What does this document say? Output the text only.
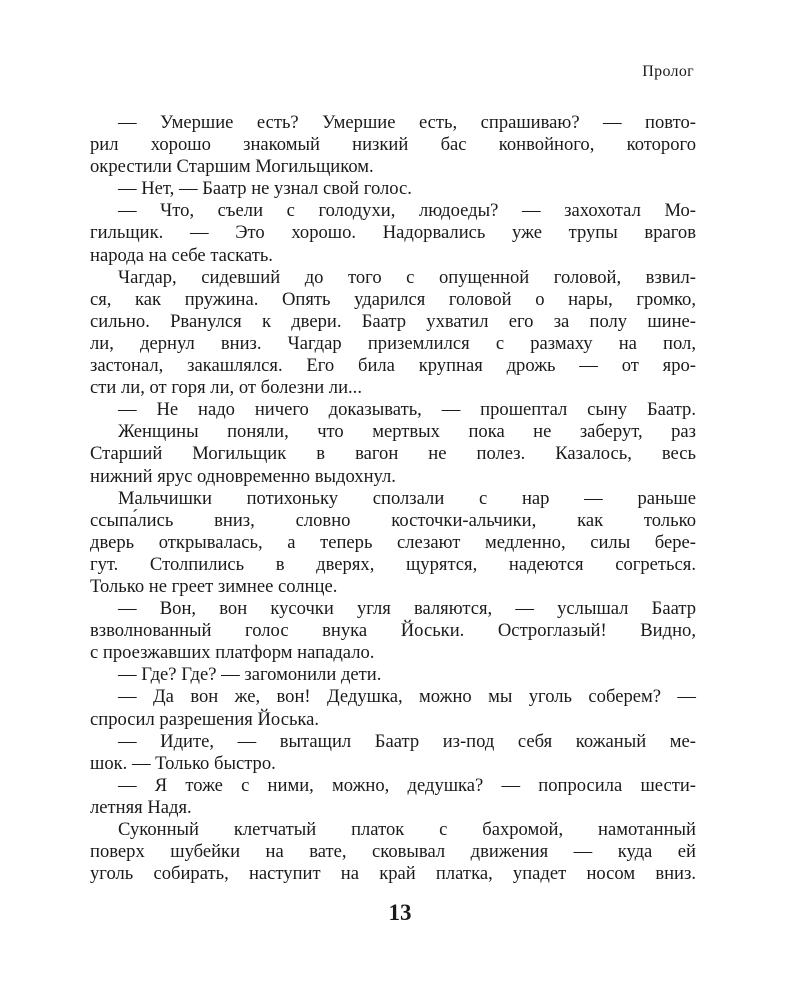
Пролог
— Умершие есть? Умершие есть, спрашиваю? — повто-
рил хорошо знакомый низкий бас конвойного, которого
окрестили Старшим Могильщиком.
— Нет, — Баатр не узнал свой голос.
— Что, съели с голодухи, людоеды? — захохотал Мо-
гильщик. — Это хорошо. Надорвались уже трупы врагов
народа на себе таскать.
Чагдар, сидевший до того с опущенной головой, взвил-
ся, как пружина. Опять ударился головой о нары, громко,
сильно. Рванулся к двери. Баатр ухватил его за полу шине-
ли, дернул вниз. Чагдар приземлился с размаху на пол,
застонал, закашлялся. Его била крупная дрожь — от яро-
сти ли, от горя ли, от болезни ли...
— Не надо ничего доказывать, — прошептал сыну Баатр.
Женщины поняли, что мертвых пока не заберут, раз
Старший Могильщик в вагон не полез. Казалось, весь
нижний ярус одновременно выдохнул.
Мальчишки потихоньку сползали с нар — раньше
ссыпа́лись вниз, словно косточки-альчики, как только
дверь открывалась, а теперь слезают медленно, силы бере-
гут. Столпились в дверях, щурятся, надеются согреться.
Только не греет зимнее солнце.
— Вон, вон кусочки угля валяются, — услышал Баатр
взволнованный голос внука Йоськи. Остроглазый! Видно,
с проезжавших платформ нападало.
— Где? Где? — загомонили дети.
— Да вон же, вон! Дедушка, можно мы уголь соберем? —
спросил разрешения Йоська.
— Идите, — вытащил Баатр из-под себя кожаный ме-
шок. — Только быстро.
— Я тоже с ними, можно, дедушка? — попросила шести-
летняя Надя.
Суконный клетчатый платок с бахромой, намотанный
поверх шубейки на вате, сковывал движения — куда ей
уголь собирать, наступит на край платка, упадет носом вниз.
13
